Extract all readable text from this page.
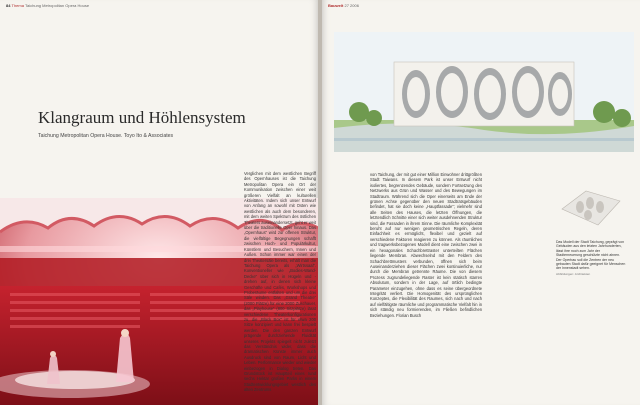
84 Thema Taichung Metropolitan Opera House
Klangraum und Höhlensystem
Taichung Metropolitan Opera House. Toyo Ito & Associates
Verglichen mit dem westlichen Begriff des Opernhauses ist die Taichung Metropolitan Opera ein Ort der Kommunikation zwischen einer weit größeren Vielfalt an kulturellen Aktivitäten. Indem sich unser Entwurf von Anfang an sowohl mit Osten wie westlichen als auch dem besonderen, mit dem weiten Spektrum des östlichen Theaters auseinandersetzt, geht er weit über die traditionelle Oper hinaus. Das „Opernhaus“ wird zur offenen Struktur, die vielfältige Begegnungen schafft zwischen Hoch- und Populärkultur, Künstlern und Besuchern, Innen und Außen. Schon immer war einen der drei Theatersäle bereits, erhält man die Taichung Opera als „Wirtssaal“. Konventioneller wie „Bodies-Wand-Decke“ über sich in Hügeln und -drehen auf, in denen sich kleine Geschäfte und Cafés, Workshops und Proberäume entfalten und um die drei Säle winden. Das „Grand Theatre“ (2000 Plätze) für eine 2000 Zuschauer, das „Playhouse“ (800 Sitzplätze) lässt verschiedene Theaterkonfigurationen zu, die „Black Box“ ist für etwa 200 Sitze konzipiert und kann frei bespielt werden. Die den ganzen Entwurf prägende durchziehende Fluidität unseres Projekts spiegelt nicht zuletzt das Verständnis wider, dass die dramatischen Künste immer auch Ausdruck sind von Raum, Licht und Leben. Performance wieder und wieder einbezogen in Dialog treten. Das Grundstück ist Hauptteil eines rund sechs Hektar großen Parks in einem Stadtentwicklungsgebiet westlich des alten Zentrums
Bauwelt 27 2006
von Taichung, der mit gut einer Million Einwohner drittgrößten Stadt Taiwans. In diesem Park ist unser Entwurf nicht isoliertes, begrenzendes Gebäude, sondern Fortsetzung des Netzwerks aus Grün und Wasser und des Bewegungen im Stadtraum. Während sich die Oper einerseits am Ende der grünen Achse gegenüber den neuen Stadtratsgebäuden befindet, hat sie doch keine „Hauptfassade“; vielmehr sind alle Seiten des Hauses, die letzten Öffnungen, die letztendlich Schnitte einer sich weiter ausdehnenden Struktur sind, die Fassaden in ihrem Sinne. Die räumliche Komplexität beruht auf nur wenigen geometrischen Regeln, deren Einfachheit es ermöglicht, flexibel und gezielt auf verschiedene Faktoren reagieren zu können. Als räumliches und tragwerksbezogenes Modell dient eine zwischen zwei in ein hexagonales Schachbrettraster unterteilten Flächen liegende Membran. Abwechselnd mit den Feldern des Schachbrettmusters verbunden, öffnen sich beim Auseinanderziehen dieser Flächen zwei kontinuierliche, nur durch die Membran getrennte Räume. Die von diesem Prozess zugrundeliegende Raster ist kein statisch starres Absolutum, sondern in der Lage, auf örtlich bedingte Parameter einzugehen, ohne dass es seine übergeordnete Integrität verliert. Die Homogenität des ursprünglichen Konzeptes, die Flexibilität des Raumes, sich nach und nach auf vielfältigste räumliche und programmatische Vielfalt hin in sich ständig neu formierenden, im Fließen befindlichen Beziehungen. Florian Busch
Das Modell der Stadt Taichung, geprägt von Gebäuden aus den letzten Jahrhunderten, lässt ihre noch zum Jahr der Stadterneuerung geschützte nicht ahnen. Der Operbau soll die Zentren der neu gebauten Stadt dafür geeignet für Menschen der Innenstadt sehen.
Abbildungen: Architekten
